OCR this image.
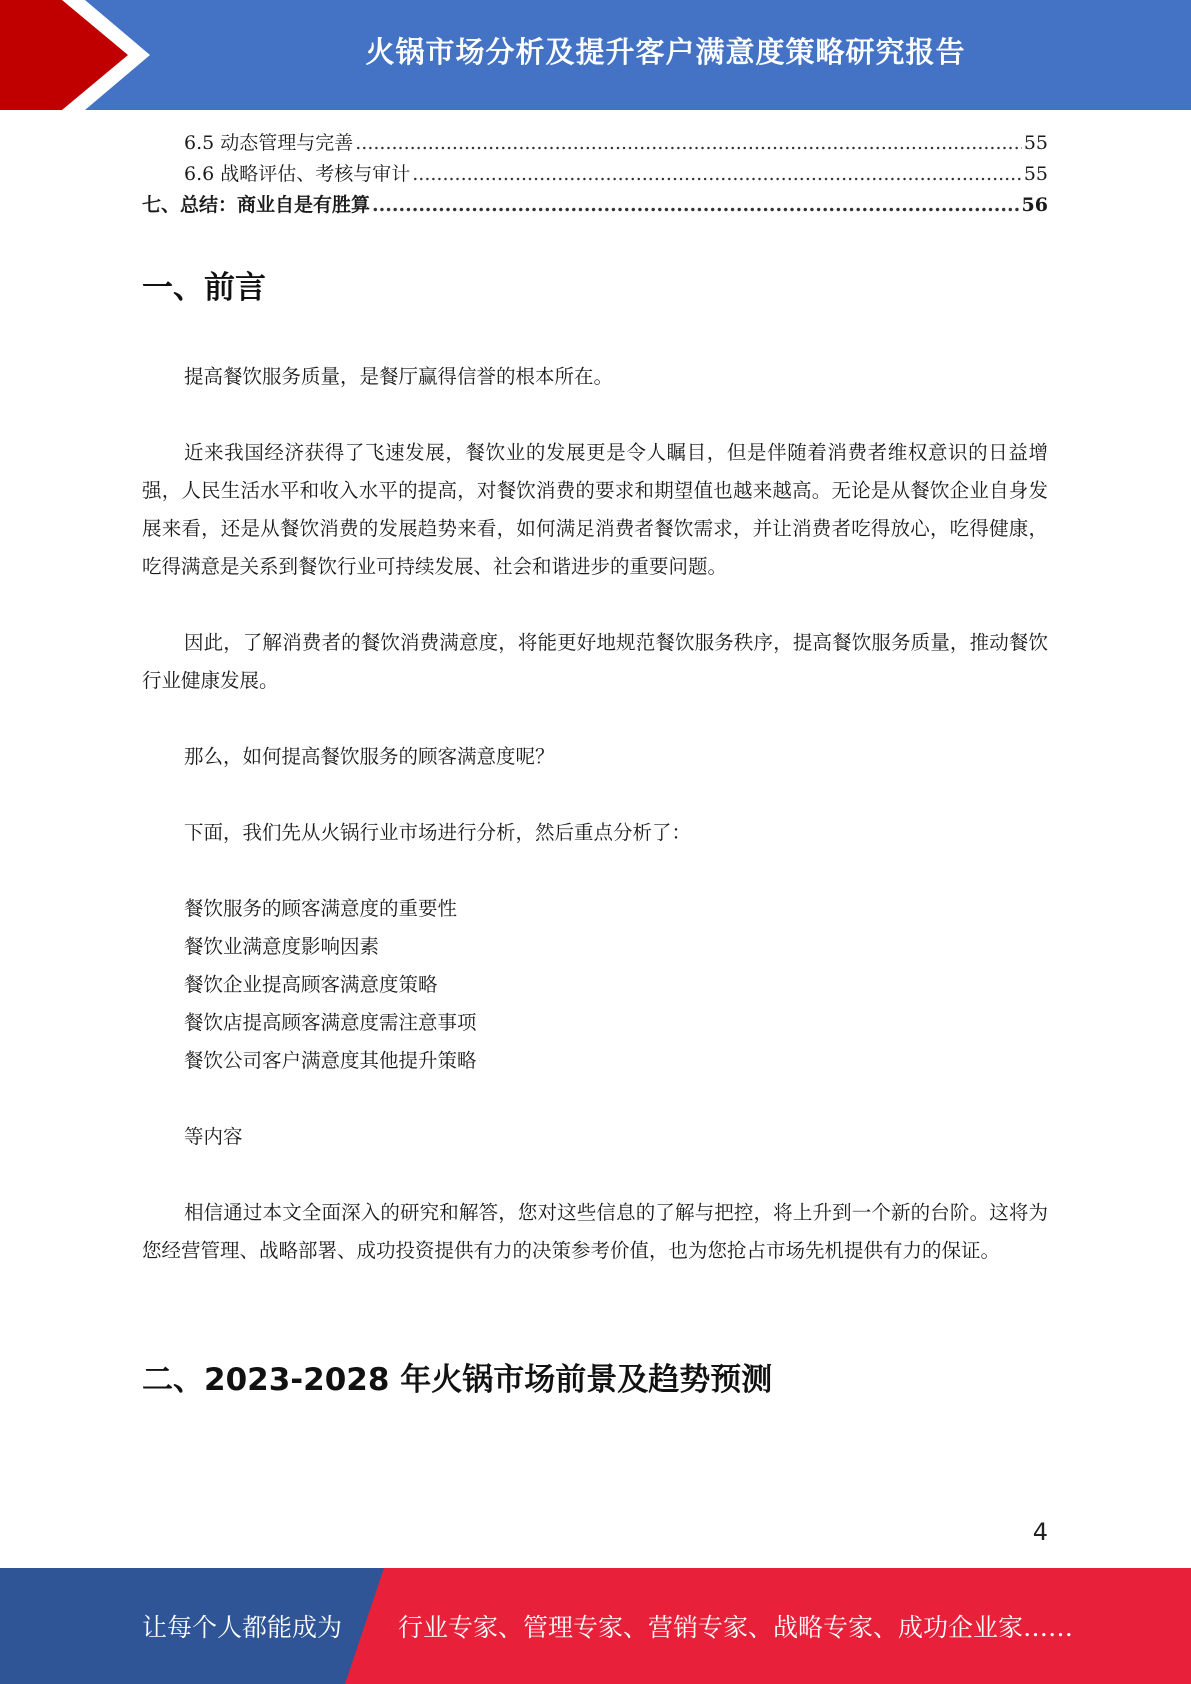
火锅市场分析及提升客户满意度策略研究报告
6.5 动态管理与完善 .....	55
6.6 战略评估、考核与审计 .....	55
七、总结：商业自是有胜算 .....	56
一、前言

提高餐饮服务质量，是餐厅赢得信誉的根本所在。

近来我国经济获得了飞速发展，餐饮业的发展更是令人瞩目，但是伴随着消费者维权意识的日益增强，人民生活水平和收入水平的提高，对餐饮消费的要求和期望值也越来越高。无论是从餐饮企业自身发展来看，还是从餐饮消费的发展趋势来看，如何满足消费者餐饮需求，并让消费者吃得放心，吃得健康，吃得满意是关系到餐饮行业可持续发展、社会和谐进步的重要问题。

因此，了解消费者的餐饮消费满意度，将能更好地规范餐饮服务秩序，提高餐饮服务质量，推动餐饮行业健康发展。

那么，如何提高餐饮服务的顾客满意度呢？

下面，我们先从火锅行业市场进行分析，然后重点分析了：

餐饮服务的顾客满意度的重要性
餐饮业满意度影响因素
餐饮企业提高顾客满意度策略
餐饮店提高顾客满意度需注意事项
餐饮公司客户满意度其他提升策略

等内容

相信通过本文全面深入的研究和解答，您对这些信息的了解与把控，将上升到一个新的台阶。这将为您经营管理、战略部署、成功投资提供有力的决策参考价值，也为您抢占市场先机提供有力的保证。

二、2023-2028 年火锅市场前景及趋势预测
4
让每个人都能成为 行业专家、管理专家、营销专家、战略专家、成功企业家……
